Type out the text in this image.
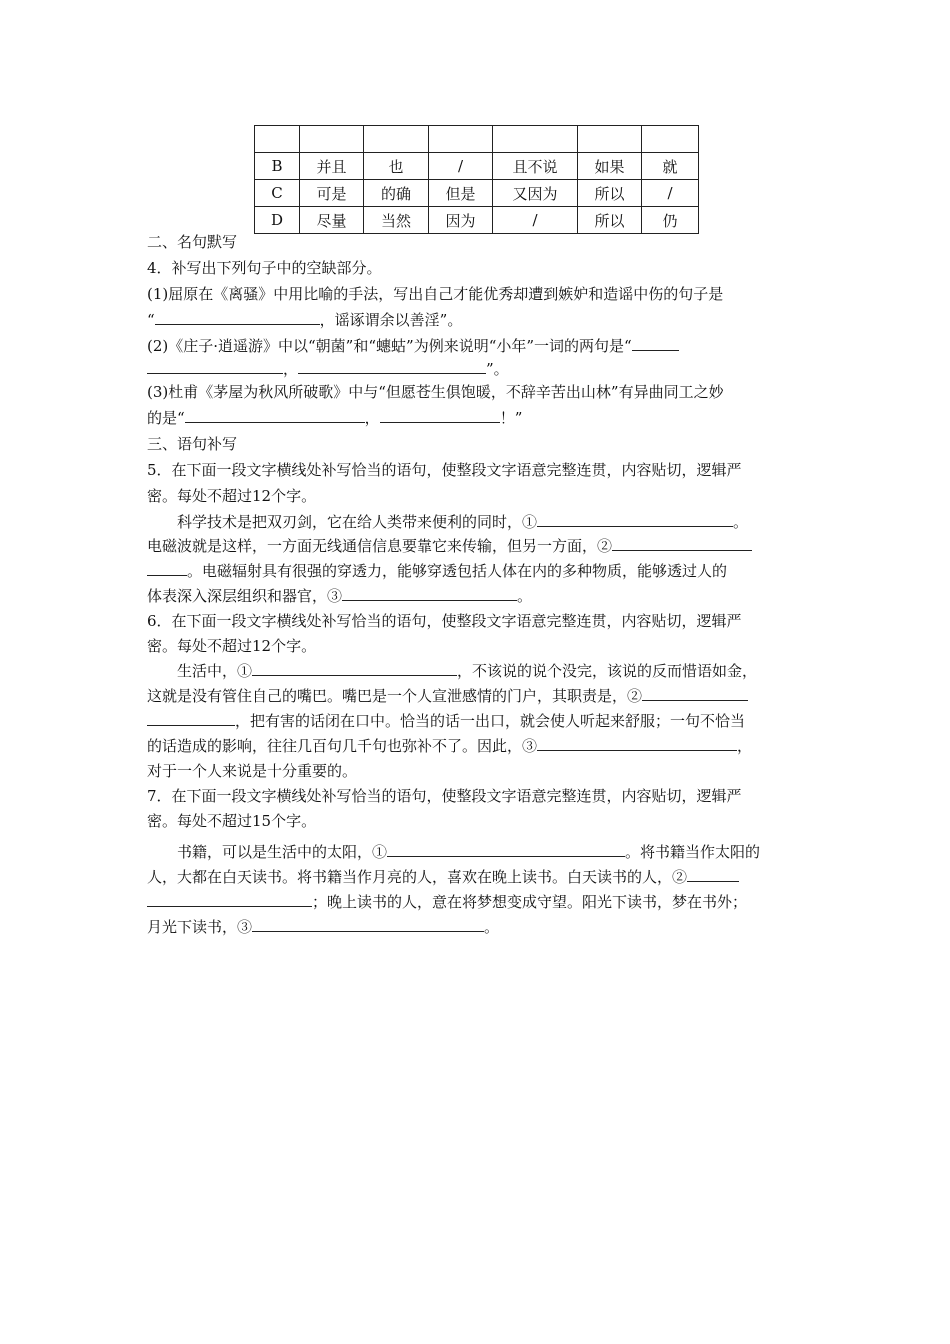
B	并且	也	/	且不说	如果	就
C	可是	的确	但是	又因为	所以	/
D	尽量	当然	因为	/	所以	仍
二、名句默写
4．补写出下列句子中的空缺部分。
(1)屈原在《离骚》中用比喻的手法，写出自己才能优秀却遭到嫉妒和造谣中伤的句子是
“	，谣诼谓余以善淫”。
(2)《庄子·逍遥游》中以“朝菌”和“蟪蛄”为例来说明“小年”一词的两句是“
，	”。
(3)杜甫《茅屋为秋风所破歌》中与“但愿苍生俱饱暖，不辞辛苦出山林”有异曲同工之妙
的是“	，	！”
三、语句补写
5．在下面一段文字横线处补写恰当的语句，使整段文字语意完整连贯，内容贴切，逻辑严
密。每处不超过12个字。
科学技术是把双刃剑，它在给人类带来便利的同时，①	。
电磁波就是这样，一方面无线通信信息要靠它来传输，但另一方面，②
。电磁辐射具有很强的穿透力，能够穿透包括人体在内的多种物质，能够透过人的
体表深入深层组织和器官，③	。
6．在下面一段文字横线处补写恰当的语句，使整段文字语意完整连贯，内容贴切，逻辑严
密。每处不超过12个字。
生活中，①	，不该说的说个没完，该说的反而惜语如金，
这就是没有管住自己的嘴巴。嘴巴是一个人宣泄感情的门户，其职责是，②
，把有害的话闭在口中。恰当的话一出口，就会使人听起来舒服；一句不恰当
的话造成的影响，往往几百句几千句也弥补不了。因此，③	，
对于一个人来说是十分重要的。
7．在下面一段文字横线处补写恰当的语句，使整段文字语意完整连贯，内容贴切，逻辑严
密。每处不超过15个字。
书籍，可以是生活中的太阳，①	。将书籍当作太阳的
人，大都在白天读书。将书籍当作月亮的人，喜欢在晚上读书。白天读书的人，②
；晚上读书的人，意在将梦想变成守望。阳光下读书，梦在书外；
月光下读书，③	。
